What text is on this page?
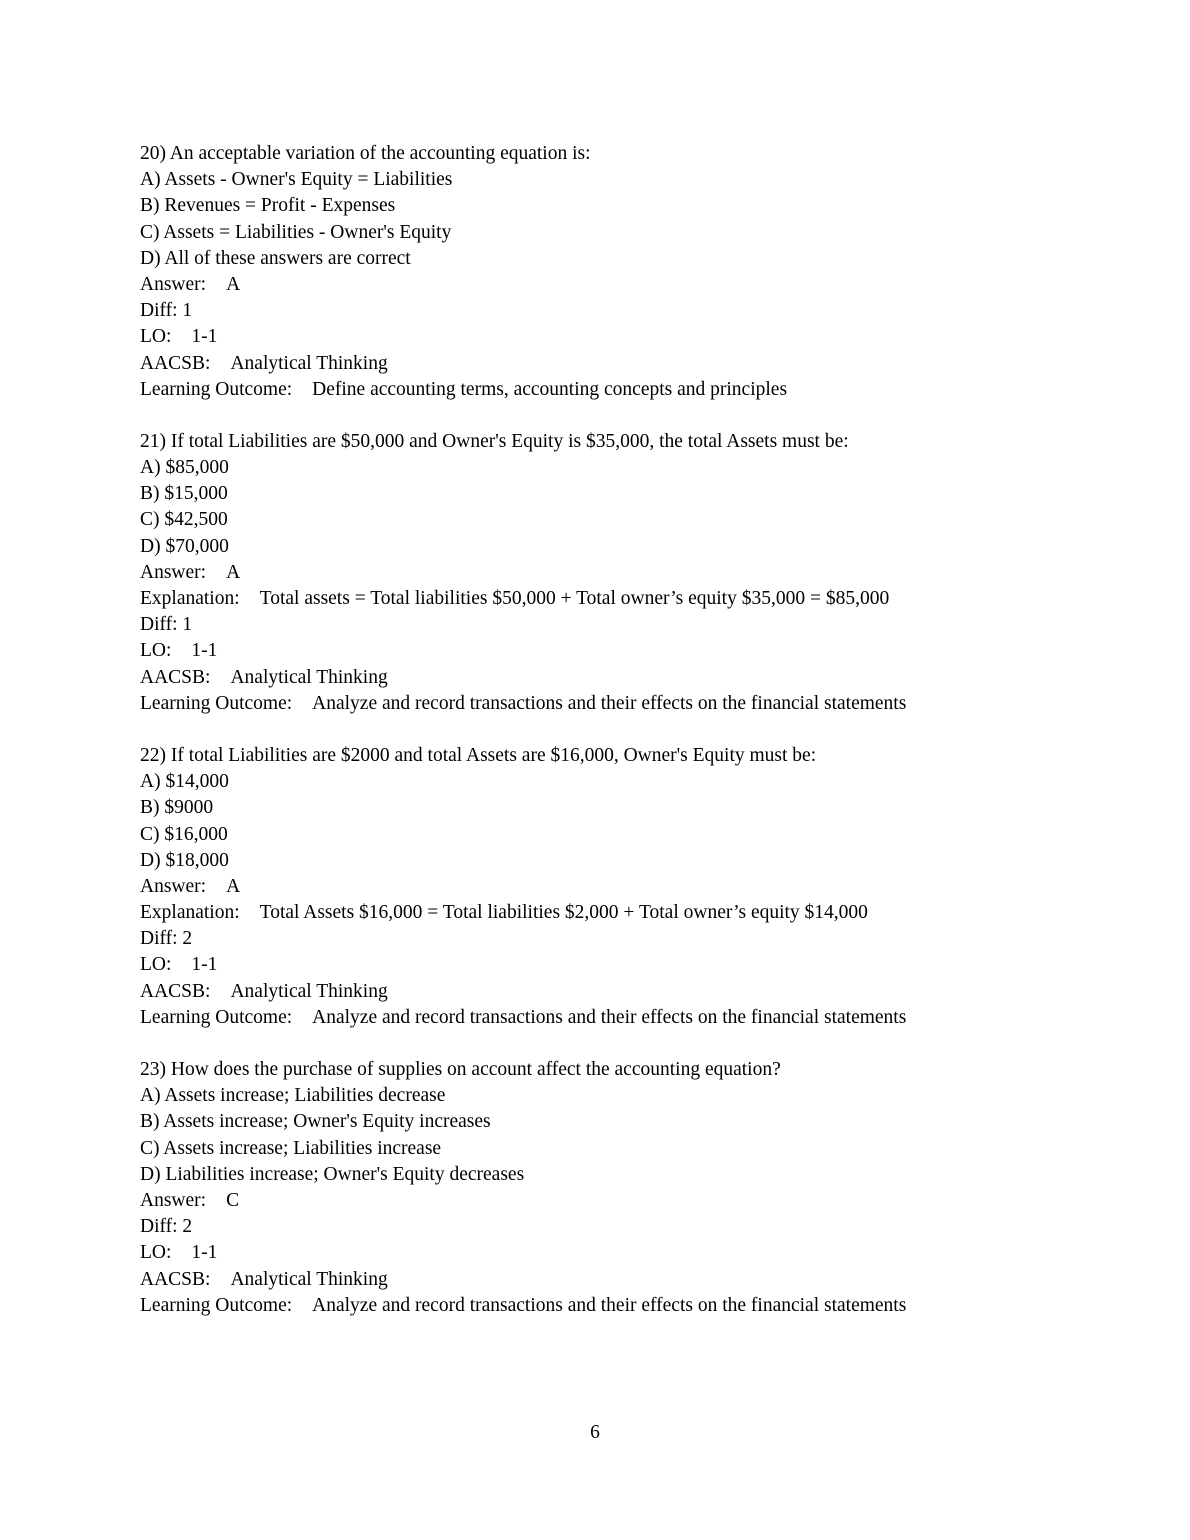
20) An acceptable variation of the accounting equation is:
A) Assets - Owner's Equity = Liabilities
B) Revenues = Profit - Expenses
C) Assets = Liabilities - Owner's Equity
D) All of these answers are correct
Answer: A
Diff: 1
LO: 1-1
AACSB: Analytical Thinking
Learning Outcome: Define accounting terms, accounting concepts and principles
21) If total Liabilities are $50,000 and Owner's Equity is $35,000, the total Assets must be:
A) $85,000
B) $15,000
C) $42,500
D) $70,000
Answer: A
Explanation: Total assets = Total liabilities $50,000 + Total owner’s equity $35,000 = $85,000
Diff: 1
LO: 1-1
AACSB: Analytical Thinking
Learning Outcome: Analyze and record transactions and their effects on the financial statements
22) If total Liabilities are $2000 and total Assets are $16,000, Owner's Equity must be:
A) $14,000
B) $9000
C) $16,000
D) $18,000
Answer: A
Explanation: Total Assets $16,000 = Total liabilities $2,000 + Total owner’s equity $14,000
Diff: 2
LO: 1-1
AACSB: Analytical Thinking
Learning Outcome: Analyze and record transactions and their effects on the financial statements
23) How does the purchase of supplies on account affect the accounting equation?
A) Assets increase; Liabilities decrease
B) Assets increase; Owner's Equity increases
C) Assets increase; Liabilities increase
D) Liabilities increase; Owner's Equity decreases
Answer: C
Diff: 2
LO: 1-1
AACSB: Analytical Thinking
Learning Outcome: Analyze and record transactions and their effects on the financial statements
6
